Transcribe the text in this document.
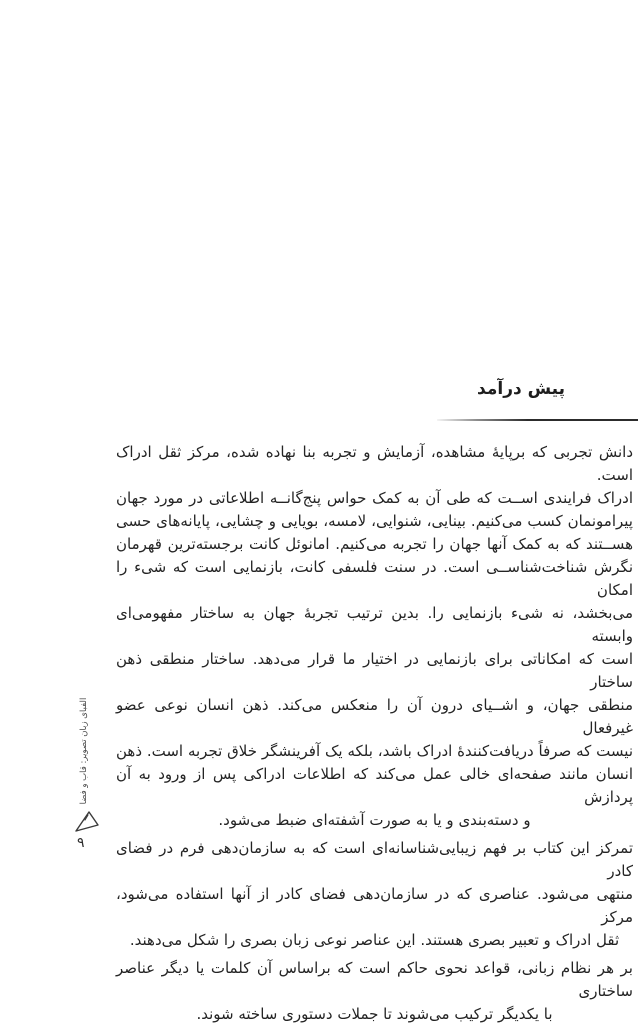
پیش درآمد
دانش تجربی که برپایهٔ مشاهده، آزمایش و تجربه بنا نهاده شده، مرکز ثقل ادراک است.
ادراک فرایندی اســت که طی آن به کمک حواس پنج‌گانــه اطلاعاتی در مورد جهان
پیرامونمان کسب می‌کنیم. بینایی، شنوایی، لامسه، بویایی و چشایی، پایانه‌های حسی
هســتند که به کمک آنها جهان را تجربه می‌کنیم. امانوئل کانت برجسته‌ترین قهرمان
نگرش شناخت‌شناســی است. در سنت فلسفی کانت، بازنمایی است که شیء را امکان
می‌بخشد، نه شیء بازنمایی را. بدین ترتیب تجربهٔ جهان به ساختار مفهومی‌ای وابسته
است که امکاناتی برای بازنمایی در اختیار ما قرار می‌دهد. ساختار منطقی ذهن ساختار
منطقی جهان، و اشــیای درون آن را منعکس می‌کند. ذهن انسان نوعی عضو غیرفعال
نیست که صرفاً دریافت‌کنندهٔ ادراک باشد، بلکه یک آفرینشگر خلاق تجربه است. ذهن
انسان مانند صفحه‌ای خالی عمل می‌کند که اطلاعات ادراکی پس از ورود به آن پردازش
و دسته‌بندی و یا به صورت آشفته‌ای ضبط می‌شود.
تمرکز این کتاب بر فهم زیبایی‌شناسانه‌ای است که به سازمان‌دهی فرم در فضای کادر
منتهی می‌شود. عناصری که در سازمان‌دهی فضای کادر از آنها استفاده می‌شود، مرکز
ثقل ادراک و تعبیر بصری هستند. این عناصر نوعی زبان بصری را شکل می‌دهند.
بر هر نظام زبانی، قواعد نحوی حاکم است که براساس آن کلمات یا دیگر عناصر ساختاری
با یکدیگر ترکیب می‌شوند تا جملات دستوری ساخته شوند.
الفبای زبان تصویر: قاب و فضا
۹
